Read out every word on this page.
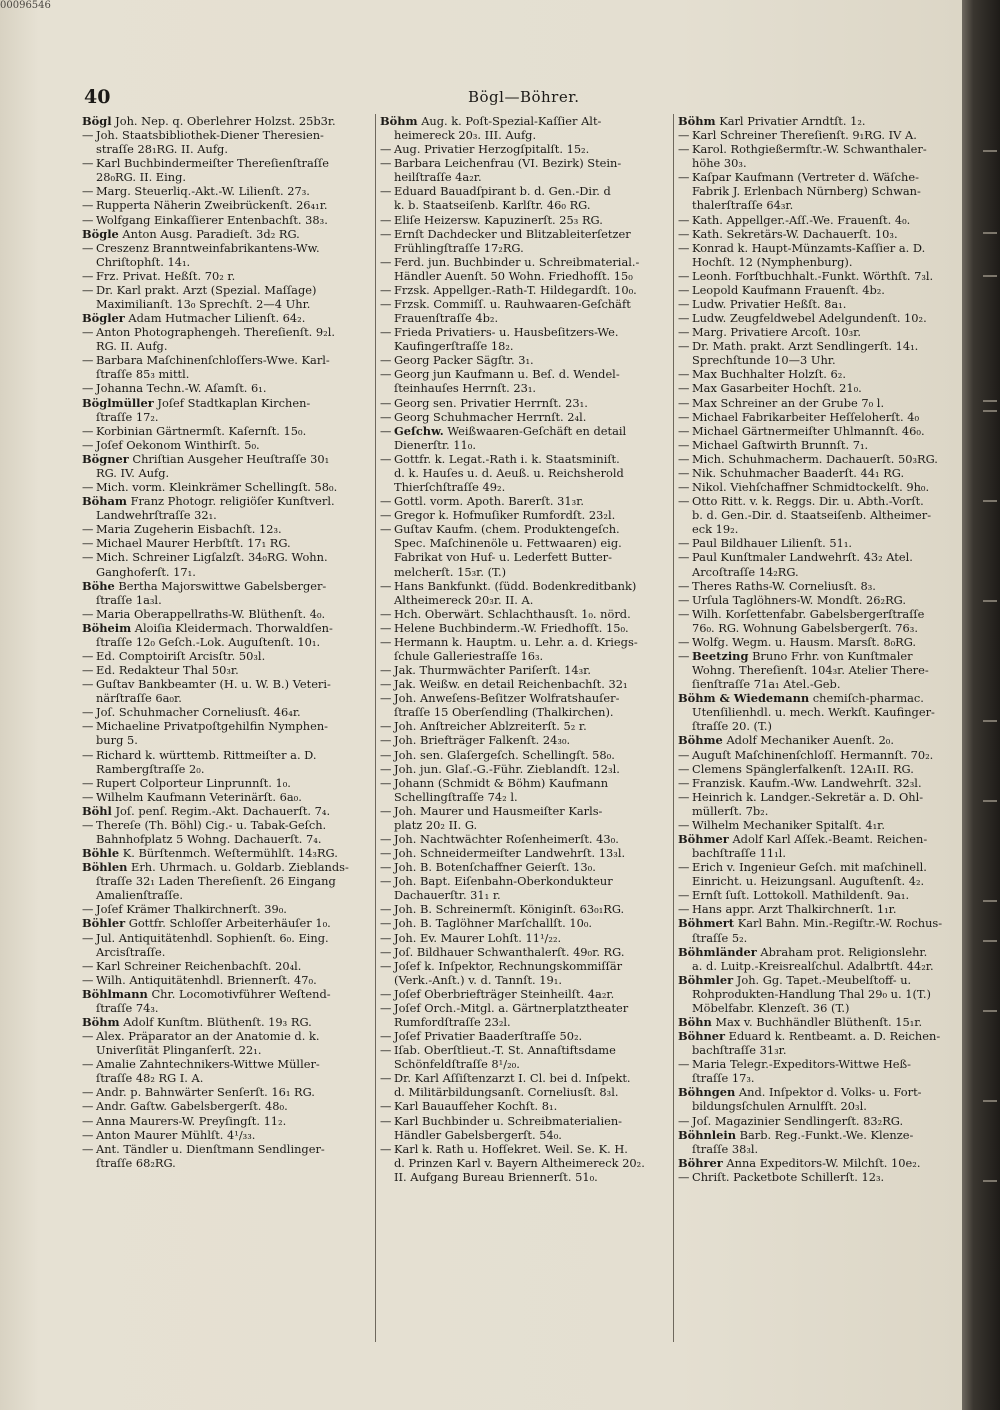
00096546
40	Bögl—Böhrer.

Bögl Joh. Nep. q. Oberlehrer Holzst. 25b3r.

— Joh. Staatsbibliothek-Diener Theresien-

straſſe 28₁RG. II. Aufg.

— Karl Buchbindermeiſter Thereſienſtraſſe

28₀RG. II. Eing.

— Marg. Steuerliq.-Akt.-W. Lilienſt. 27₃.

— Rupperta Näherin Zweibrückenſt. 26₄₁r.

— Wolfgang Einkaſſierer Entenbachſt. 38₃.

Bögle Anton Ausg. Paradieſt. 3d₂ RG.

— Creszenz Branntweinfabrikantens-Ww.

Chriſtophſt. 14₁.

— Frz. Privat. Heßſt. 70₂ r.

— Dr. Karl prakt. Arzt (Spezial. Maſſage)

Maximilianſt. 13₀ Sprechſt. 2—4 Uhr.

Bögler Adam Hutmacher Lilienſt. 64₂.

— Anton Photographengeh. Thereſienſt. 9₂l.

RG. II. Aufg.

— Barbara Maſchinenſchloſſers-Wwe. Karl-

ſtraſſe 85₃ mittl.

— Johanna Techn.-W. Aſamſt. 6₁.

Böglmüller Joſef Stadtkaplan Kirchen-

ſtraſſe 17₂.

— Korbinian Gärtnermſt. Kaſernſt. 15₀.

— Joſef Oekonom Winthirſt. 5₀.

Bögner Chriſtian Ausgeher Heuſtraſſe 30₁

RG. IV. Aufg.

— Mich. vorm. Kleinkrämer Schellingſt. 58₀.

Böham Franz Photogr. religiöſer Kunſtverl.

Landwehrſtraſſe 32₁.

— Maria Zugeherin Eisbachſt. 12₃.

— Michael Maurer Herbſtſt. 17₁ RG.

— Mich. Schreiner Ligſalzſt. 34₀RG. Wohn.

Ganghoferſt. 17₁.

Böhe Bertha Majorswittwe Gabelsberger-

ſtraſſe 1a₃l.

— Maria Oberappellraths-W. Blüthenſt. 4₀.

Böheim Aloiſia Kleidermach. Thorwaldſen-

ſtraſſe 12₀ Geſch.-Lok. Auguſtenſt. 10₁.

— Ed. Comptoiriſt Arcisſtr. 50₃l.

— Ed. Redakteur Thal 50₃r.

— Guſtav Bankbeamter (H. u. W. B.) Veteri-

närſtraſſe 6a₀r.

— Joſ. Schuhmacher Corneliusſt. 46₄r.

— Michaeline Privatpoſtgehilfin Nymphen-

burg 5.

— Richard k. württemb. Rittmeiſter a. D.

Rambergſtraſſe 2₀.

— Rupert Colporteur Linprunnſt. 1₀.

— Wilhelm Kaufmann Veterinärſt. 6a₀.

Böhl Joſ. penſ. Regim.-Akt. Dachauerſt. 7₄.

— Thereſe (Th. Böhl) Cig.- u. Tabak-Geſch.

Bahnhofplatz 5 Wohng. Dachauerſt. 7₄.

Böhle K. Bürſtenmch. Weſtermühlſt. 14₃RG.

Böhlen Erh. Uhrmach. u. Goldarb. Zieblands-

ſtraſſe 32₁ Laden Thereſienſt. 26 Eingang

Amalienſtraſſe.

— Joſef Krämer Thalkirchnerſt. 39₀.

Böhler Gottfr. Schloſſer Arbeiterhäuſer 1₀.

— Jul. Antiquitätenhdl. Sophienſt. 6₀. Eing.

Arcisſtraſſe.

— Karl Schreiner Reichenbachſt. 20₄l.

— Wilh. Antiquitätenhdl. Briennerſt. 47₀.

Böhlmann Chr. Locomotivführer Weſtend-

ſtraſſe 74₃.

Böhm Adolf Kunſtm. Blüthenſt. 19₃ RG.

— Alex. Präparator an der Anatomie d. k.

Univerſität Plinganſerſt. 22₁.

— Amalie Zahntechnikers-Wittwe Müller-

ſtraſſe 48₂ RG I. A.

— Andr. p. Bahnwärter Senſerſt. 16₁ RG.

— Andr. Gaſtw. Gabelsbergerſt. 48₀.

— Anna Maurers-W. Preyſingſt. 11₂.

— Anton Maurer Mühlſt. 4¹/₃₃.

— Ant. Tändler u. Dienſtmann Sendlinger-

ſtraſſe 68₂RG.

Böhm Aug. k. Poſt-Spezial-Kaſſier Alt-

heimereck 20₃. III. Aufg.

— Aug. Privatier Herzogſpitalſt. 15₂.

— Barbara Leichenfrau (VI. Bezirk) Stein-

heilſtraſſe 4a₂r.

— Eduard Bauadſpirant b. d. Gen.-Dir. d

k. b. Staatseiſenb. Karlſtr. 46₀ RG.

— Eliſe Heizersw. Kapuzinerſt. 25₃ RG.

— Ernſt Dachdecker und Blitzableiterſetzer

Frühlingſtraſſe 17₂RG.

— Ferd. jun. Buchbinder u. Schreibmaterial.-

Händler Auenſt. 50 Wohn. Friedhofſt. 15₀

— Frzsk. Appellger.-Rath-T. Hildegardſt. 10₀.

— Frzsk. Commiſſ. u. Rauhwaaren-Geſchäft

Frauenſtraſſe 4b₂.

— Frieda Privatiers- u. Hausbeſitzers-We.

Kaufingerſtraſſe 18₂.

— Georg Packer Sägſtr. 3₁.

— Georg jun Kaufmann u. Beſ. d. Wendel-

ſteinhauſes Herrnſt. 23₁.

— Georg sen. Privatier Herrnſt. 23₁.

— Georg Schuhmacher Herrnſt. 2₄l.

— Geſchw. Weißwaaren-Geſchäft en detail

Dienerſtr. 11₀.

— Gottfr. k. Legat.-Rath i. k. Staatsminiſt.

d. k. Hauſes u. d. Aeuß. u. Reichsherold

Thierſchſtraſſe 49₂.

— Gottl. vorm. Apoth. Barerſt. 31₃r.

— Gregor k. Hofmuſiker Rumfordſt. 23₂l.

— Guſtav Kaufm. (chem. Produktengeſch.

Spec. Maſchinenöle u. Fettwaaren) eig.

Fabrikat von Huf- u. Lederfett Butter-

melcherſt. 15₃r. (T.)

— Hans Bankfunkt. (ſüdd. Bodenkreditbank)

Altheimereck 20₃r. II. A.

— Hch. Oberwärt. Schlachthausſt. 1₀. nörd.

— Helene Buchbinderm.-W. Friedhofſt. 15₀.

— Hermann k. Hauptm. u. Lehr. a. d. Kriegs-

ſchule Galleriestraſſe 16₃.

— Jak. Thurmwächter Pariſerſt. 14₃r.

— Jak. Weißw. en detail Reichenbachſt. 32₁

— Joh. Anweſens-Beſitzer Wolfratshauſer-

ſtraſſe 15 Oberſendling (Thalkirchen).

— Joh. Anſtreicher Ablzreiterſt. 5₂ r.

— Joh. Briefträger Falkenſt. 24₃₀.

— Joh. sen. Glaſergeſch. Schellingſt. 58₀.

— Joh. jun. Glaſ.-G.-Führ. Zieblandſt. 12₃l.

— Johann (Schmidt & Böhm) Kaufmann

Schellingſtraſſe 74₂ l.

— Joh. Maurer und Hausmeiſter Karls-

platz 20₂ II. G.

— Joh. Nachtwächter Roſenheimerſt. 43₀.

— Joh. Schneidermeiſter Landwehrſt. 13₃l.

— Joh. B. Botenſchaffner Geierſt. 13₀.

— Joh. Bapt. Eiſenbahn-Oberkondukteur

Dachauerſtr. 31₁ r.

— Joh. B. Schreinermſt. Königinſt. 63₀₁RG.

— Joh. B. Taglöhner Marſchallſt. 10₀.

— Joh. Ev. Maurer Lohſt. 11¹/₂₂.

— Joſ. Bildhauer Schwanthalerſt. 49₀r. RG.

— Joſef k. Inſpektor, Rechnungskommiſſär

(Verk.-Anſt.) v. d. Tannſt. 19₁.

— Joſef Oberbriefträger Steinheilſt. 4a₂r.

— Joſef Orch.-Mitgl. a. Gärtnerplatztheater

Rumfordſtraſſe 23₂l.

— Joſef Privatier Baaderſtraſſe 50₂.

— Iſab. Oberſtlieut.-T. St. Annaſtiftsdame

Schönfeldſtraſſe 8¹/₂₀.

— Dr. Karl Aſſiſtenzarzt I. Cl. bei d. Inſpekt.

d. Militärbildungsanſt. Corneliusſt. 8₃l.

— Karl Bauaufſeher Kochſt. 8₁.

— Karl Buchbinder u. Schreibmaterialien-

Händler Gabelsbergerſt. 54₀.

— Karl k. Rath u. Hofſekret. Weil. Se. K. H.

d. Prinzen Karl v. Bayern Altheimereck 20₂.

II. Aufgang Bureau Briennerſt. 51₀.

Böhm Karl Privatier Arndtſt. 1₂.

— Karl Schreiner Thereſienſt. 9₁RG. IV A.

— Karol. Rothgießermſtr.-W. Schwanthaler-

höhe 30₃.

— Kaſpar Kaufmann (Vertreter d. Wäſche-

Fabrik J. Erlenbach Nürnberg) Schwan-

thalerſtraſſe 64₃r.

— Kath. Appellger.-Aſſ.-We. Frauenſt. 4₀.

— Kath. Sekretärs-W. Dachauerſt. 10₃.

— Konrad k. Haupt-Münzamts-Kaſſier a. D.

Hochſt. 12 (Nymphenburg).

— Leonh. Forſtbuchhalt.-Funkt. Wörthſt. 7₃l.

— Leopold Kaufmann Frauenſt. 4b₂.

— Ludw. Privatier Heßſt. 8a₁.

— Ludw. Zeugfeldwebel Adelgundenſt. 10₂.

— Marg. Privatiere Arcoſt. 10₃r.

— Dr. Math. prakt. Arzt Sendlingerſt. 14₁.

Sprechſtunde 10—3 Uhr.

— Max Buchhalter Holzſt. 6₂.

— Max Gasarbeiter Hochſt. 21₀.

— Max Schreiner an der Grube 7₀ l.

— Michael Fabrikarbeiter Heſſeloherſt. 4₀

— Michael Gärtnermeiſter Uhlmannſt. 46₀.

— Michael Gaſtwirth Brunnſt. 7₁.

— Mich. Schuhmacherm. Dachauerſt. 50₃RG.

— Nik. Schuhmacher Baaderſt. 44₁ RG.

— Nikol. Viehſchaffner Schmidtockelſt. 9h₀.

— Otto Ritt. v. k. Reggs. Dir. u. Abth.-Vorſt.

b. d. Gen.-Dir. d. Staatseiſenb. Altheimer-

eck 19₂.

— Paul Bildhauer Lilienſt. 51₁.

— Paul Kunſtmaler Landwehrſt. 43₂ Atel.

Arcoſtraſſe 14₂RG.

— Theres Raths-W. Corneliusſt. 8₃.

— Urſula Taglöhners-W. Mondſt. 26₂RG.

— Wilh. Korſettenfabr. Gabelsbergerſtraſſe

76₀. RG. Wohnung Gabelsbergerſt. 76₃.

— Wolfg. Wegm. u. Hausm. Marsſt. 8₀RG.

— Beetzing Bruno Frhr. von Kunſtmaler

Wohng. Thereſienſt. 104₃r. Atelier There-

ſienſtraſſe 71a₁ Atel.-Geb.

Böhm & Wiedemann chemiſch-pharmac.

Utenſilienhdl. u. mech. Werkſt. Kaufinger-

ſtraſſe 20. (T.)

Böhme Adolf Mechaniker Auenſt. 2₀.

— Auguſt Maſchinenſchloſſ. Hermannſt. 70₂.

— Clemens Spänglerfalkenſt. 12A₁II. RG.

— Franzisk. Kaufm.-Ww. Landwehrſt. 32₃l.

— Heinrich k. Landger.-Sekretär a. D. Ohl-

müllerſt. 7b₂.

— Wilhelm Mechaniker Spitalſt. 4₁r.

Böhmer Adolf Karl Aſſek.-Beamt. Reichen-

bachſtraſſe 11₁l.

— Erich v. Ingenieur Geſch. mit maſchinell.

Einricht. u. Heizungsanl. Auguſtenſt. 4₂.

— Ernſt ſuſt. Lottokoll. Mathildenſt. 9a₁.

— Hans appr. Arzt Thalkirchnerſt. 1₁r.

Böhmert Karl Bahn. Min.-Regiſtr.-W. Rochus-

ſtraſſe 5₂.

Böhmländer Abraham prot. Religionslehr.

a. d. Luitp.-Kreisrealſchul. Adalbrtſt. 44₂r.

Böhmler Joh. Gg. Tapet.-Meubelſtoff- u.

Rohprodukten-Handlung Thal 29₀ u. 1(T.)

Möbelfabr. Klenzeſt. 36 (T.)

Böhn Max v. Buchhändler Blüthenſt. 15₁r.

Böhner Eduard k. Rentbeamt. a. D. Reichen-

bachſtraſſe 31₃r.

— Maria Telegr.-Expeditors-Wittwe Heß-

ſtraſſe 17₃.

Böhngen And. Inſpektor d. Volks- u. Fort-

bildungsſchulen Arnulfſt. 20₃l.

— Joſ. Magazinier Sendlingerſt. 83₂RG.

Böhnlein Barb. Reg.-Funkt.-We. Klenze-

ſtraſſe 38₃l.

Böhrer Anna Expeditors-W. Milchſt. 10e₂.

— Chriſt. Packetbote Schillerſt. 12₃.
